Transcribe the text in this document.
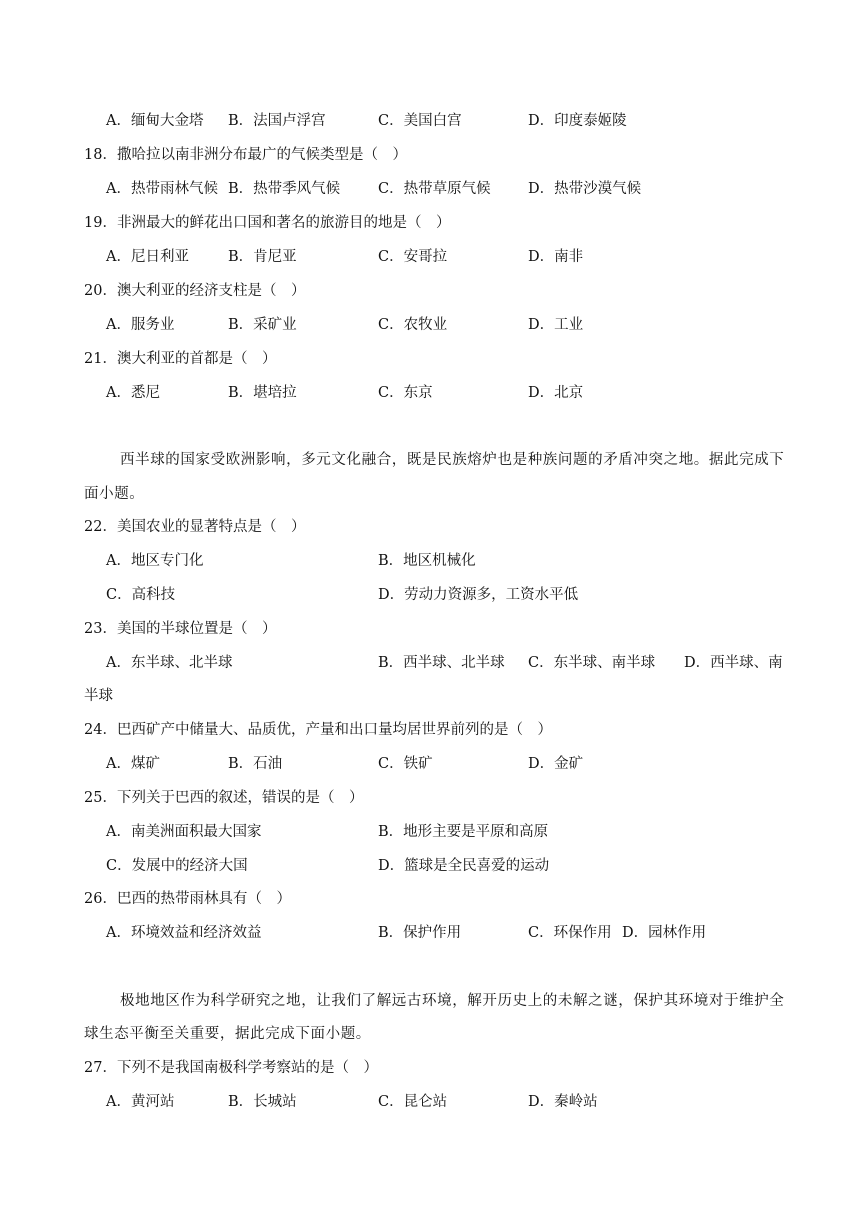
A．缅甸大金塔 B．法国卢浮宫	C．美国白宫	D．印度泰姬陵
18．撒哈拉以南非洲分布最广的气候类型是（　）
A．热带雨林气候 B．热带季风气候	C．热带草原气候	D．热带沙漠气候
19．非洲最大的鲜花出口国和著名的旅游目的地是（　）
A．尼日利亚	B．肯尼亚	C．安哥拉	D．南非
20．澳大利亚的经济支柱是（　）
A．服务业	B．采矿业	C．农牧业	D．工业
21．澳大利亚的首都是（　）
A．悉尼	B．堪培拉	C．东京	D．北京
西半球的国家受欧洲影响，多元文化融合，既是民族熔炉也是种族问题的矛盾冲突之地。据此完成下
面小题。
22．美国农业的显著特点是（　）
A．地区专门化	B．地区机械化
C．高科技	D．劳动力资源多，工资水平低
23．美国的半球位置是（　）
A．东半球、北半球	B．西半球、北半球 C．东半球、南半球 D．西半球、南
半球
24．巴西矿产中储量大、品质优，产量和出口量均居世界前列的是（　）
A．煤矿	B．石油	C．铁矿	D．金矿
25．下列关于巴西的叙述，错误的是（　）
A．南美洲面积最大国家	B．地形主要是平原和高原
C．发展中的经济大国	D．篮球是全民喜爱的运动
26．巴西的热带雨林具有（　）
A．环境效益和经济效益	B．保护作用	C．环保作用 D．园林作用
极地地区作为科学研究之地，让我们了解远古环境，解开历史上的未解之谜，保护其环境对于维护全
球生态平衡至关重要，据此完成下面小题。
27．下列不是我国南极科学考察站的是（　）
A．黄河站	B．长城站	C．昆仑站	D．秦岭站
